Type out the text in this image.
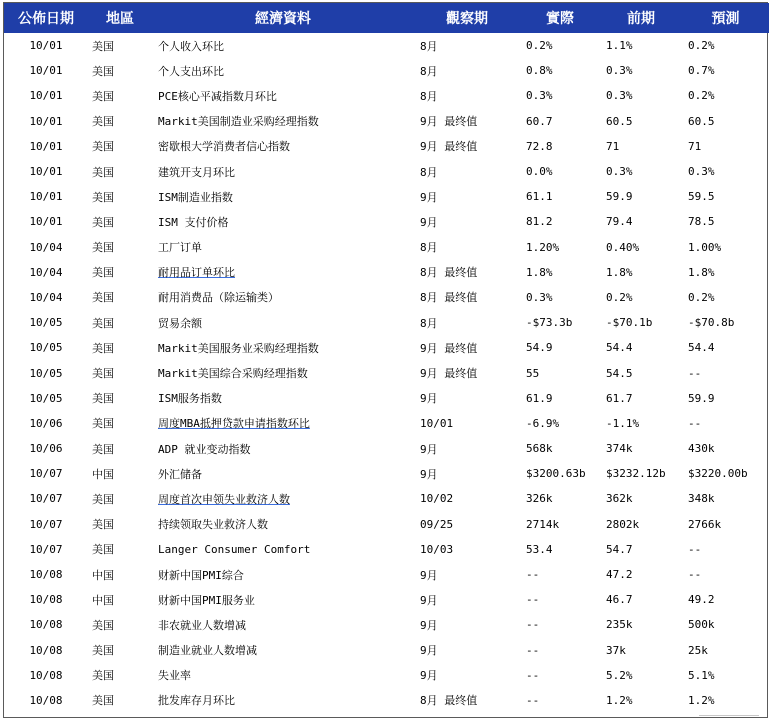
公佈日期	地區	經濟資料	觀察期	實際	前期	預測
10/01	美国	个人收入环比	8月	0.2%	1.1%	0.2%
10/01	美国	个人支出环比	8月	0.8%	0.3%	0.7%
10/01	美国	PCE核心平减指数月环比	8月	0.3%	0.3%	0.2%
10/01	美国	Markit美国制造业采购经理指数	9月 最终值	60.7	60.5	60.5
10/01	美国	密歇根大学消费者信心指数	9月 最终值	72.8	71	71
10/01	美国	建筑开支月环比	8月	0.0%	0.3%	0.3%
10/01	美国	ISM制造业指数	9月	61.1	59.9	59.5
10/01	美国	ISM 支付价格	9月	81.2	79.4	78.5
10/04	美国	工厂订单	8月	1.20%	0.40%	1.00%
10/04	美国	耐用品订单环比	8月 最终值	1.8%	1.8%	1.8%
10/04	美国	耐用消费品（除运输类）	8月 最终值	0.3%	0.2%	0.2%
10/05	美国	贸易余额	8月	-$73.3b	-$70.1b	-$70.8b
10/05	美国	Markit美国服务业采购经理指数	9月 最终值	54.9	54.4	54.4
10/05	美国	Markit美国综合采购经理指数	9月 最终值	55	54.5	--
10/05	美国	ISM服务指数	9月	61.9	61.7	59.9
10/06	美国	周度MBA抵押贷款申请指数环比	10/01	-6.9%	-1.1%	--
10/06	美国	ADP 就业变动指数	9月	568k	374k	430k
10/07	中国	外汇储备	9月	$3200.63b	$3232.12b	$3220.00b
10/07	美国	周度首次申领失业救济人数	10/02	326k	362k	348k
10/07	美国	持续领取失业救济人数	09/25	2714k	2802k	2766k
10/07	美国	Langer Consumer Comfort	10/03	53.4	54.7	--
10/08	中国	财新中国PMI综合	9月	--	47.2	--
10/08	中国	财新中国PMI服务业	9月	--	46.7	49.2
10/08	美国	非农就业人数增减	9月	--	235k	500k
10/08	美国	制造业就业人数增减	9月	--	37k	25k
10/08	美国	失业率	9月	--	5.2%	5.1%
10/08	美国	批发库存月环比	8月 最终值	--	1.2%	1.2%
